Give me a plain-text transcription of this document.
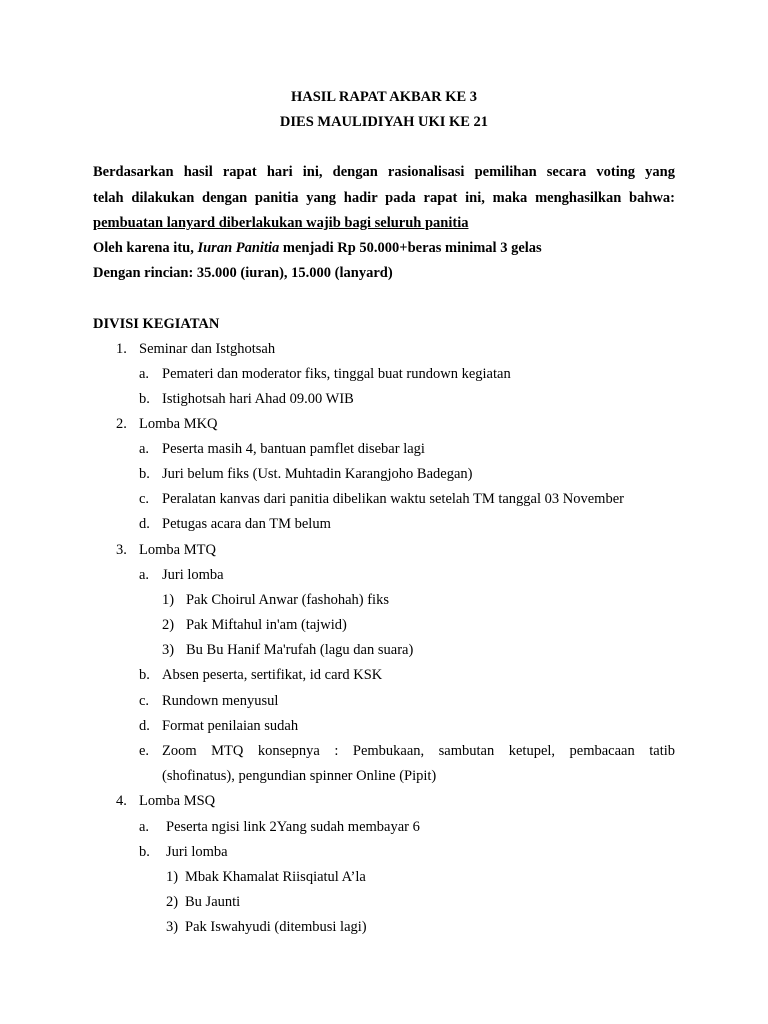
HASIL RAPAT AKBAR KE 3
DIES MAULIDIYAH UKI KE 21
Berdasarkan hasil rapat hari ini, dengan rasionalisasi pemilihan secara voting yang
telah dilakukan dengan panitia yang hadir pada rapat ini, maka menghasilkan bahwa:
pembuatan lanyard diberlakukan wajib bagi seluruh panitia
Oleh karena itu, Iuran Panitia menjadi Rp 50.000+beras minimal 3 gelas
Dengan rincian: 35.000 (iuran), 15.000 (lanyard)
DIVISI KEGIATAN
1. Seminar dan Istghotsah
a. Pemateri dan moderator fiks, tinggal buat rundown kegiatan
b. Istighotsah hari Ahad 09.00 WIB
2. Lomba MKQ
a. Peserta masih 4, bantuan pamflet disebar lagi
b. Juri belum fiks (Ust. Muhtadin Karangjoho Badegan)
c. Peralatan kanvas dari panitia dibelikan waktu setelah TM tanggal 03 November
d. Petugas acara dan TM belum
3. Lomba MTQ
a. Juri lomba
1) Pak Choirul Anwar (fashohah) fiks
2) Pak Miftahul in'am (tajwid)
3) Bu Bu Hanif Ma'rufah (lagu dan suara)
b. Absen peserta, sertifikat, id card KSK
c. Rundown menyusul
d. Format penilaian sudah
e. Zoom MTQ konsepnya : Pembukaan, sambutan ketupel, pembacaan tatib
(shofinatus), pengundian spinner Online (Pipit)
4. Lomba MSQ
a. Peserta ngisi link 2Yang sudah membayar 6
b. Juri lomba
1) Mbak Khamalat Riisqiatul A’la
2) Bu Jaunti
3) Pak Iswahyudi (ditembusi lagi)
